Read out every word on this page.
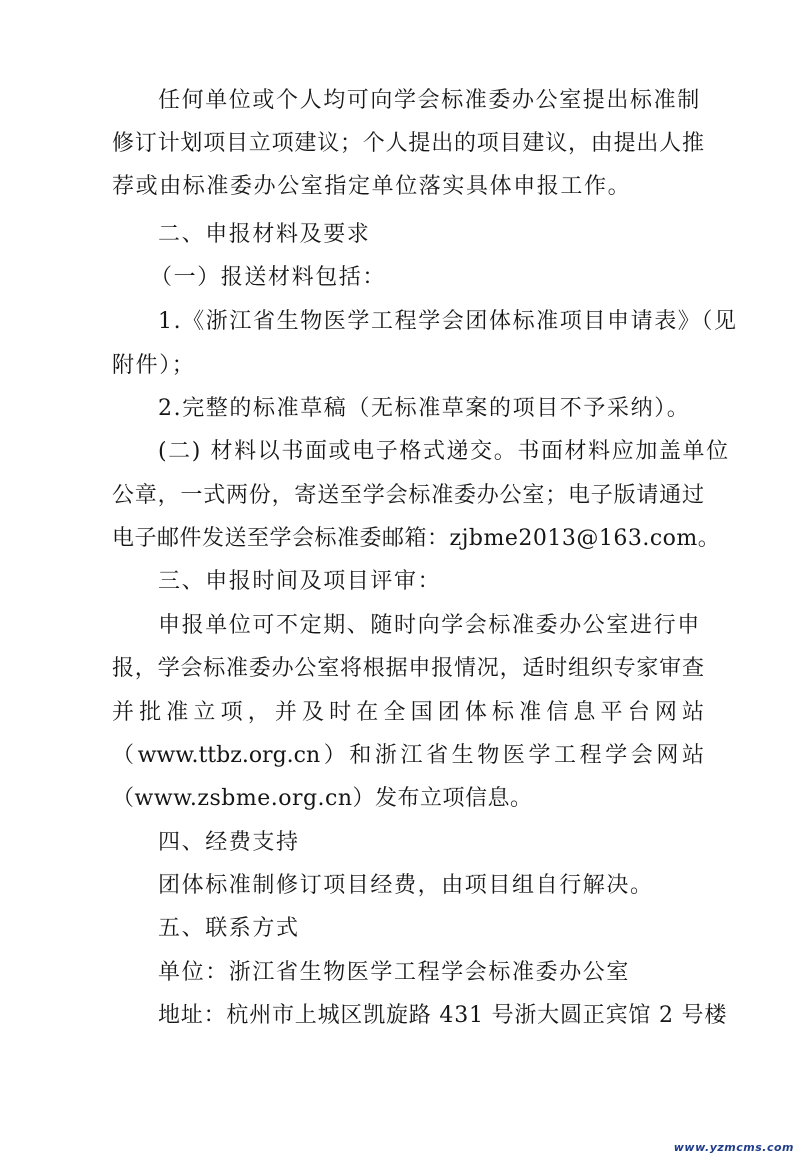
任何单位或个人均可向学会标准委办公室提出标准制
修订计划项目立项建议；个人提出的项目建议，由提出人推
荐或由标准委办公室指定单位落实具体申报工作。
二、申报材料及要求
（一）报送材料包括：
1.《浙江省生物医学工程学会团体标准项目申请表》（见
附件）；
2.完整的标准草稿（无标准草案的项目不予采纳）。
(二) 材料以书面或电子格式递交。书面材料应加盖单位
公章，一式两份，寄送至学会标准委办公室；电子版请通过
电子邮件发送至学会标准委邮箱：zjbme2013@163.com。
三、申报时间及项目评审：
申报单位可不定期、随时向学会标准委办公室进行申
报，学会标准委办公室将根据申报情况，适时组织专家审查
并批准立项，并及时在全国团体标准信息平台网站
（www.ttbz.org.cn）和浙江省生物医学工程学会网站
（www.zsbme.org.cn）发布立项信息。
四、经费支持
团体标准制修订项目经费，由项目组自行解决。
五、联系方式
单位：浙江省生物医学工程学会标准委办公室
地址：杭州市上城区凯旋路 431 号浙大圆正宾馆 2 号楼
www.yzmcms.com
